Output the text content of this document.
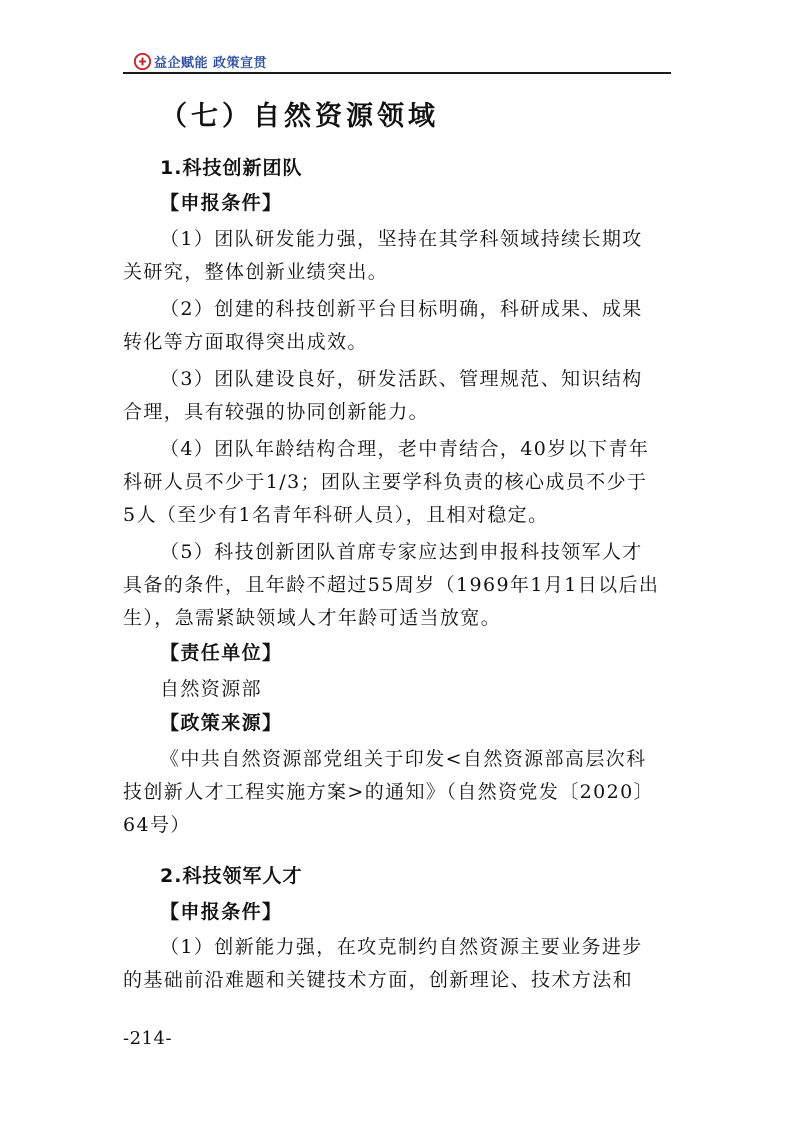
益企赋能 政策宣贯
（七）自然资源领域
1.科技创新团队
【申报条件】
（1）团队研发能力强，坚持在其学科领域持续长期攻
关研究，整体创新业绩突出。
（2）创建的科技创新平台目标明确，科研成果、成果
转化等方面取得突出成效。
（3）团队建设良好，研发活跃、管理规范、知识结构
合理，具有较强的协同创新能力。
（4）团队年龄结构合理，老中青结合，40岁以下青年
科研人员不少于1/3；团队主要学科负责的核心成员不少于
5人（至少有1名青年科研人员），且相对稳定。
（5）科技创新团队首席专家应达到申报科技领军人才
具备的条件，且年龄不超过55周岁（1969年1月1日以后出
生），急需紧缺领域人才年龄可适当放宽。
【责任单位】
自然资源部
【政策来源】
《中共自然资源部党组关于印发<自然资源部高层次科
技创新人才工程实施方案>的通知》（自然资党发〔2020〕
64号）
2.科技领军人才
【申报条件】
（1）创新能力强，在攻克制约自然资源主要业务进步
的基础前沿难题和关键技术方面，创新理论、技术方法和
-214-
